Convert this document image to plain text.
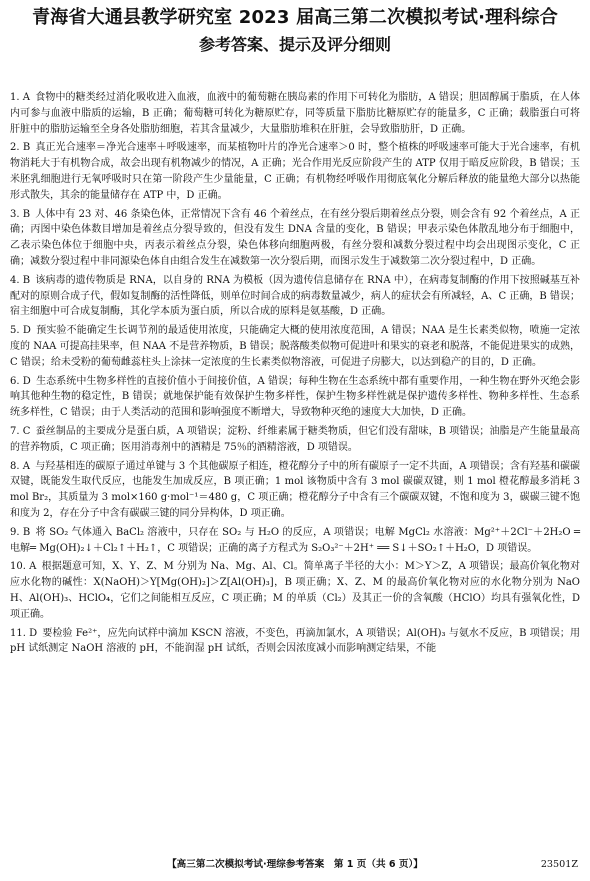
青海省大通县教学研究室 2023 届高三第二次模拟考试·理科综合
参考答案、提示及评分细则

1. A 食物中的糖类经过消化吸收进入血液，血液中的葡萄糖在胰岛素的作用下可转化为脂肪，A 错误；胆固醇属于脂质，在人体内可参与血液中脂质的运输，B 正确；葡萄糖可转化为糖原贮存，同等质量下脂肪比糖原贮存的能量多，C 正确；载脂蛋白可将肝脏中的脂肪运输至全身各处脂肪细胞，若其含量减少，大量脂肪堆积在肝脏，会导致脂肪肝，D 正确。

2. B 真正光合速率＝净光合速率＋呼吸速率，而某植物叶片的净光合速率＞0 时，整个植株的呼吸速率可能大于光合速率，有机物消耗大于有机物合成，故会出现有机物减少的情况，A 正确；光合作用光反应阶段产生的 ATP 仅用于暗反应阶段，B 错误；玉米胚乳细胞进行无氧呼吸时只在第一阶段产生少量能量，C 正确；有机物经呼吸作用彻底氧化分解后释放的能量绝大部分以热能形式散失，其余的能量储存在 ATP 中，D 正确。

3. B 人体中有 23 对、46 条染色体，正常情况下含有 46 个着丝点，在有丝分裂后期着丝点分裂，则会含有 92 个着丝点，A 正确；丙图中染色体数目增加是着丝点分裂导致的，但没有发生 DNA 含量的变化，B 错误；甲表示染色体散乱地分布于细胞中，乙表示染色体位于细胞中央，丙表示着丝点分裂，染色体移向细胞两极，有丝分裂和减数分裂过程中均会出现图示变化，C 正确；减数分裂过程中非同源染色体自由组合发生在减数第一次分裂后期，而图示发生于减数第二次分裂过程中，D 正确。

4. B 该病毒的遗传物质是 RNA，以自身的 RNA 为模板（因为遗传信息储存在 RNA 中），在病毒复制酶的作用下按照碱基互补配对的原则合成子代，假如复制酶的活性降低，则单位时间合成的病毒数量减少，病人的症状会有所减轻，A、C 正确，B 错误；宿主细胞中可合成复制酶，其化学本质为蛋白质，所以合成的原料是氨基酸，D 正确。

5. D 预实验不能确定生长调节剂的最适使用浓度，只能确定大概的使用浓度范围，A 错误；NAA 是生长素类似物，喷施一定浓度的 NAA 可提高挂果率，但 NAA 不是营养物质，B 错误；脱落酸类似物可促进叶和果实的衰老和脱落，不能促进果实的成熟，C 错误；给未受粉的葡萄雌蕊柱头上涂抹一定浓度的生长素类似物溶液，可促进子房膨大，以达到稳产的目的，D 正确。

6. D 生态系统中生物多样性的直接价值小于间接价值，A 错误；每种生物在生态系统中都有重要作用，一种生物在野外灭绝会影响其他种生物的稳定性，B 错误；就地保护能有效保护生物多样性，保护生物多样性就是保护遗传多样性、物种多样性、生态系统多样性，C 错误；由于人类活动的范围和影响强度不断增大，导致物种灭绝的速度大大加快，D 正确。

7. C 蚕丝制品的主要成分是蛋白质，A 项错误；淀粉、纤维素属于糖类物质，但它们没有甜味，B 项错误；油脂是产生能量最高的营养物质，C 项正确；医用消毒剂中的酒精是 75％的酒精溶液，D 项错误。

8. A 与羟基相连的碳原子通过单键与 3 个其他碳原子相连，橙花醇分子中的所有碳原子一定不共面，A 项错误；含有羟基和碳碳双键，既能发生取代反应，也能发生加成反应，B 项正确；1 mol 该物质中含有 3 mol 碳碳双键，则 1 mol 橙花醇最多消耗 3 mol Br₂，其质量为 3 mol×160 g·mol⁻¹＝480 g，C 项正确；橙花醇分子中含有三个碳碳双键，不饱和度为 3，碳碳三键不饱和度为 2，存在分子中含有碳碳三键的同分异构体，D 项正确。

9. B 将 SO₂ 气体通入 BaCl₂ 溶液中，只存在 SO₂ 与 H₂O 的反应，A 项错误；电解 MgCl₂ 水溶液：Mg²⁺＋2Cl⁻＋2H₂O ═电解═ Mg(OH)₂↓＋Cl₂↑＋H₂↑，C 项错误；正确的离子方程式为 S₂O₃²⁻＋2H⁺ ══ S↓＋SO₂↑＋H₂O，D 项错误。

10. A 根据题意可知，X、Y、Z、M 分别为 Na、Mg、Al、Cl。简单离子半径的大小：M＞Y＞Z，A 项错误；最高价氧化物对应水化物的碱性：X(NaOH)＞Y[Mg(OH)₂]＞Z[Al(OH)₃]，B 项正确；X、Z、M 的最高价氧化物对应的水化物分别为 NaOH、Al(OH)₃、HClO₄，它们之间能相互反应，C 项正确；M 的单质（Cl₂）及其正一价的含氧酸（HClO）均具有强氧化性，D 项正确。

11. D 要检验 Fe²⁺，应先向试样中滴加 KSCN 溶液，不变色，再滴加氯水，A 项错误；Al(OH)₃ 与氨水不反应，B 项错误；用 pH 试纸测定 NaOH 溶液的 pH，不能润湿 pH 试纸，否则会因浓度减小而影响测定结果，不能

【高三第二次模拟考试·理综参考答案　第 1 页（共 6 页）】	23501Z
